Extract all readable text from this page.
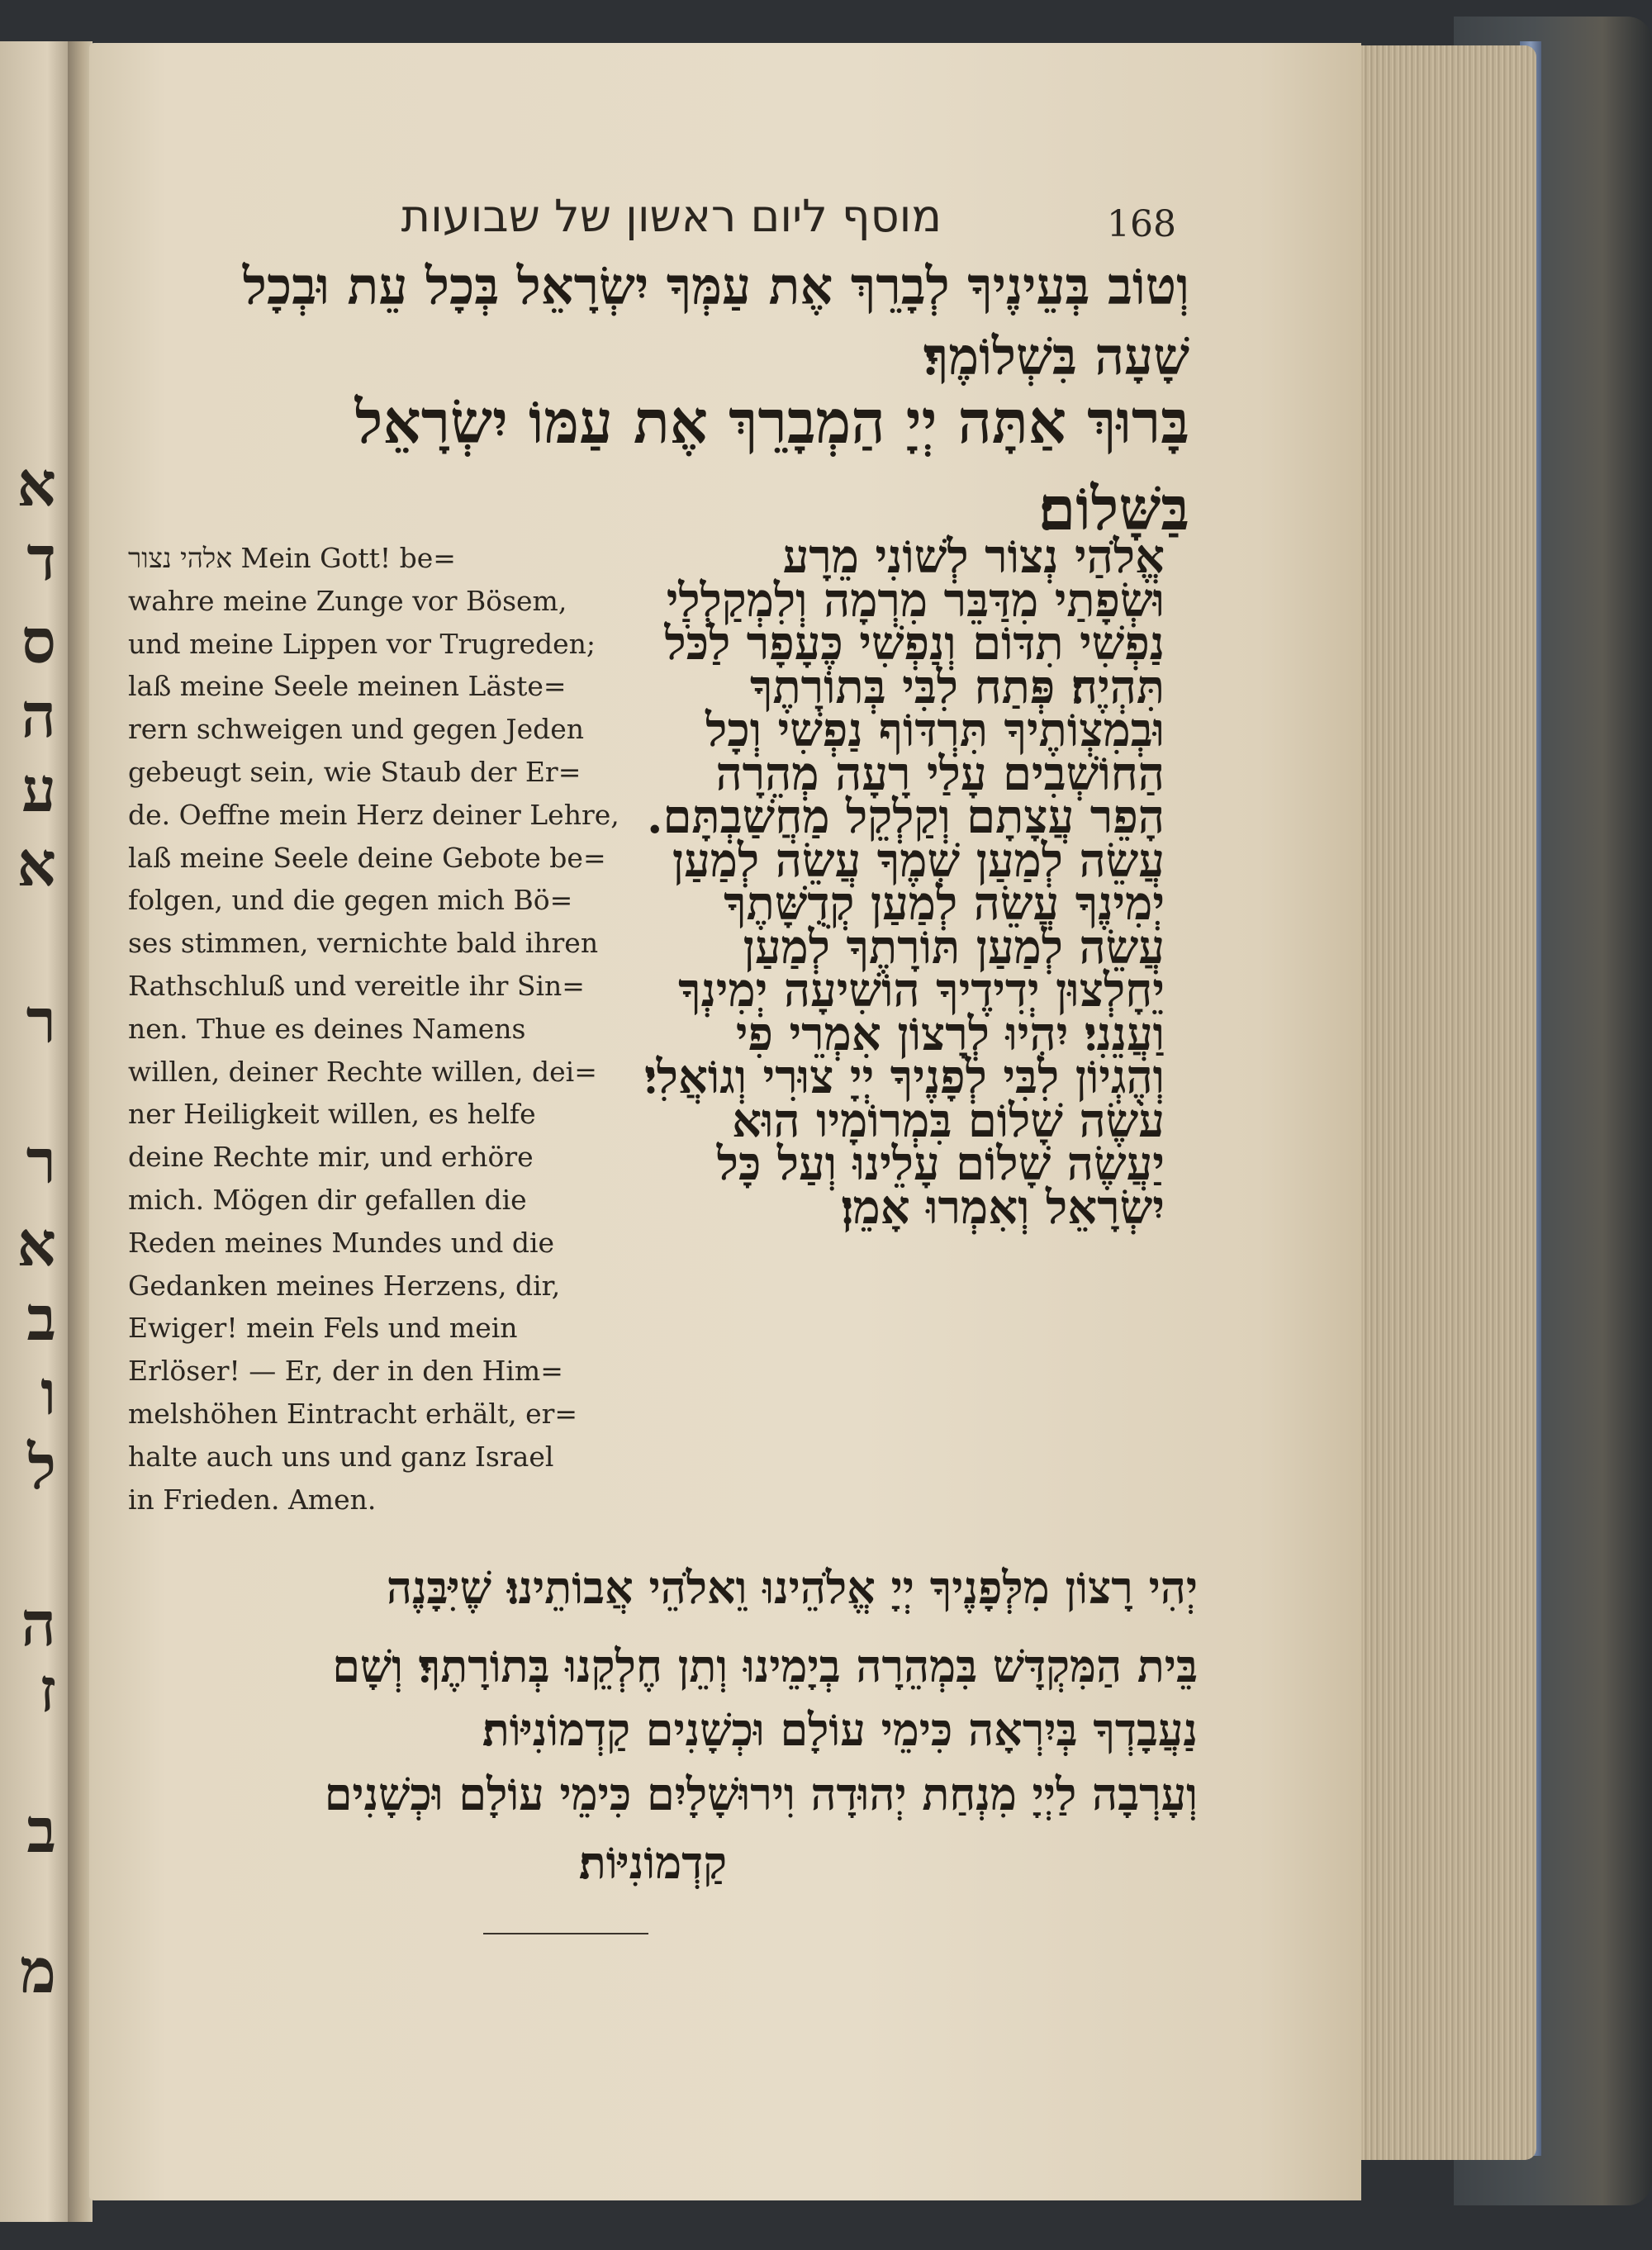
א
ד
ס
ה
ע
א
ר
ר
א
ב
ו
ל
ה
ז
ב
מ
168
מוסף ליום ראשון של שבועות
וְטוֹב בְּעֵינֶיךָ לְבָרֵךְ אֶת עַמְּךָ יִשְׂרָאֵל בְּכָל עֵת וּבְכָל
שָׁעָה בִּשְׁלוֹמֶךָ׃
בָּרוּךְ אַתָּה יְיָ הַמְבָרֵךְ אֶת עַמּוֹ יִשְׂרָאֵל
בַּשָּׁלוֹם׃
אֱלֹהַי נְצוֹר לְשׁוֹנִי מֵרָע
וּשְׂפָתַי מִדַּבֵּר מִרְמָה וְלִמְקַלְלַי
נַפְשִׁי תִדּוֹם וְנַפְשִׁי כֶּעָפָר לַכֹּל
תִּהְיֶה׃ פְּתַח לִבִּי בְּתוֹרָתֶךָ
וּבְמִצְוֹתֶיךָ תִּרְדּוֹף נַפְשִׁי וְכָל
הַחוֹשְׁבִים עָלַי רָעָה מְהֵרָה
הָפֵר עֲצָתָם וְקַלְקֵל מַחֲשַׁבְתָּם.
עֲשֵׂה לְמַעַן שְׁמֶךָ עֲשֵׂה לְמַעַן
יְמִינֶךָ עֲשֵׂה לְמַעַן קְדֻשָּׁתֶךָ
עֲשֵׂה לְמַעַן תּוֹרָתֶךָ לְמַעַן
יֵחָלְצוּן יְדִידֶיךָ הוֹשִׁיעָה יְמִינְךָ
וַעֲנֵנִי׃ יִהְיוּ לְרָצוֹן אִמְרֵי פִי
וְהֶגְיוֹן לִבִּי לְפָנֶיךָ יְיָ צוּרִי וְגוֹאֲלִי׃
עֹשֶׂה שָׁלוֹם בִּמְרוֹמָיו הוּא
יַעֲשֶׂה שָׁלוֹם עָלֵינוּ וְעַל כָּל
יִשְׂרָאֵל וְאִמְרוּ אָמֵן׃
אלהי נצור Mein Gott! be=
wahre meine Zunge vor Bösem,
und meine Lippen vor Trugreden;
laß meine Seele meinen Läste=
rern schweigen und gegen Jeden
gebeugt sein, wie Staub der Er=
de. Oeffne mein Herz deiner Lehre,
laß meine Seele deine Gebote be=
folgen, und die gegen mich Bö=
ses stimmen, vernichte bald ihren
Rathschluß und vereitle ihr Sin=
nen. Thue es deines Namens
willen, deiner Rechte willen, dei=
ner Heiligkeit willen, es helfe
deine Rechte mir, und erhöre
mich. Mögen dir gefallen die
Reden meines Mundes und die
Gedanken meines Herzens, dir,
Ewiger! mein Fels und mein
Erlöser! — Er, der in den Him=
melshöhen Eintracht erhält, er=
halte auch uns und ganz Israel
in Frieden. Amen.
יְהִי רָצוֹן מִלְּפָנֶיךָ יְיָ אֱלֹהֵינוּ וֵאלֹהֵי אֲבוֹתֵינוּ׃ שֶׁיִּבָּנֶה
בֵּית הַמִּקְדָּשׁ בִּמְהֵרָה בְיָמֵינוּ וְתֵן חֶלְקֵנוּ בְּתוֹרָתֶךָ׃ וְשָׁם
נַעֲבָדְךָ בְּיִרְאָה כִּימֵי עוֹלָם וּכְשָׁנִים קַדְמוֹנִיּוֹת׃
וְעָרְבָה לַיְיָ מִנְחַת יְהוּדָה וִירוּשָׁלָיִם כִּימֵי עוֹלָם וּכְשָׁנִים
קַדְמוֹנִיּוֹת׃
